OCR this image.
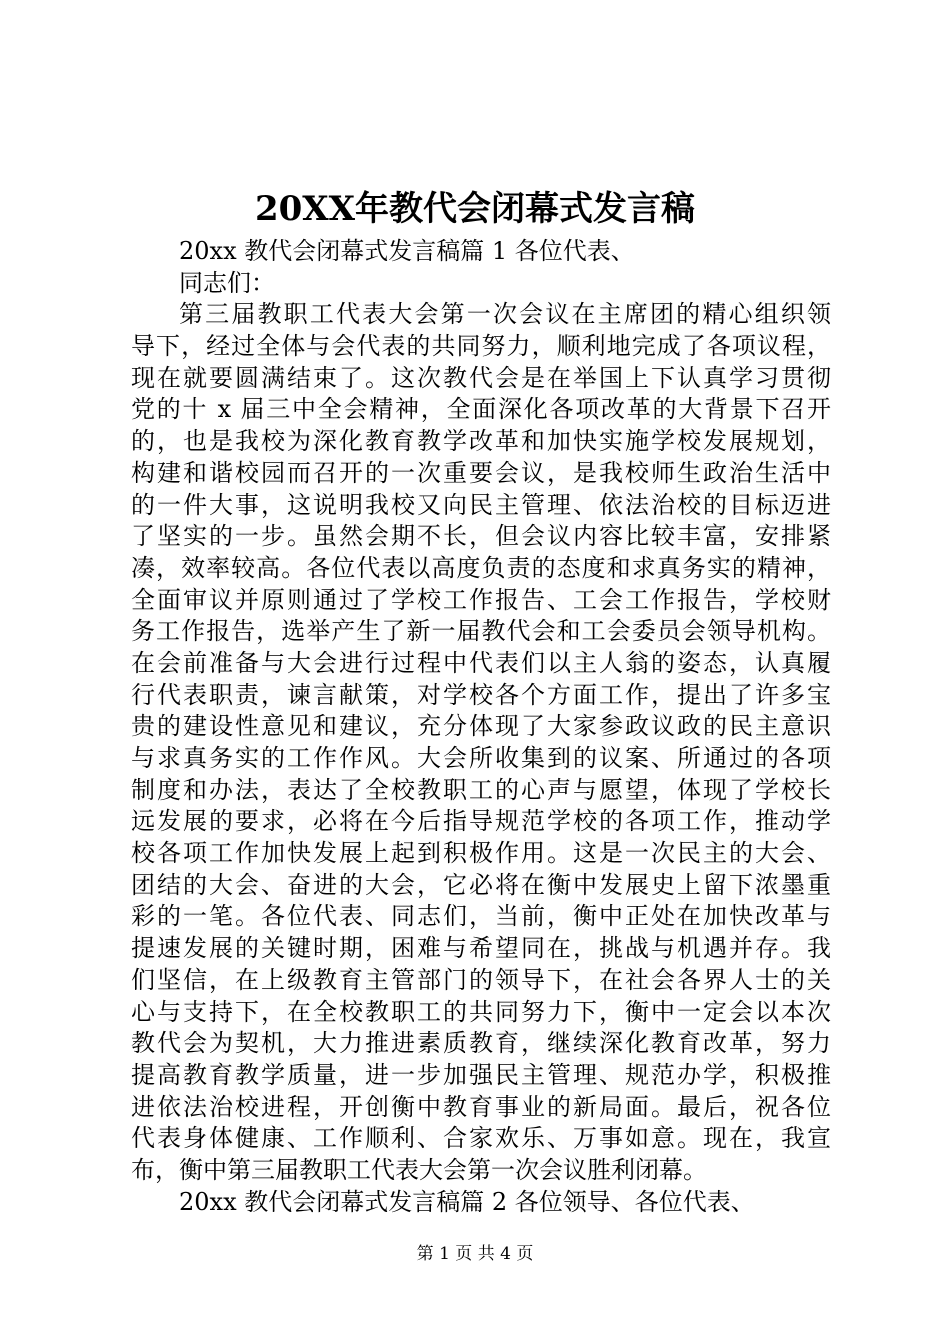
20XX年教代会闭幕式发言稿
20xx 教代会闭幕式发言稿篇 1 各位代表、
同志们：
第三届教职工代表大会第一次会议在主席团的精心组织领
导下，经过全体与会代表的共同努力，顺利地完成了各项议程，
现在就要圆满结束了。这次教代会是在举国上下认真学习贯彻
党的十 x 届三中全会精神，全面深化各项改革的大背景下召开
的，也是我校为深化教育教学改革和加快实施学校发展规划，
构建和谐校园而召开的一次重要会议，是我校师生政治生活中
的一件大事，这说明我校又向民主管理、依法治校的目标迈进
了坚实的一步。虽然会期不长，但会议内容比较丰富，安排紧
凑，效率较高。各位代表以高度负责的态度和求真务实的精神，
全面审议并原则通过了学校工作报告、工会工作报告，学校财
务工作报告，选举产生了新一届教代会和工会委员会领导机构。
在会前准备与大会进行过程中代表们以主人翁的姿态，认真履
行代表职责，谏言献策，对学校各个方面工作，提出了许多宝
贵的建设性意见和建议，充分体现了大家参政议政的民主意识
与求真务实的工作作风。大会所收集到的议案、所通过的各项
制度和办法，表达了全校教职工的心声与愿望，体现了学校长
远发展的要求，必将在今后指导规范学校的各项工作，推动学
校各项工作加快发展上起到积极作用。这是一次民主的大会、
团结的大会、奋进的大会，它必将在衡中发展史上留下浓墨重
彩的一笔。各位代表、同志们，当前，衡中正处在加快改革与
提速发展的关键时期，困难与希望同在，挑战与机遇并存。我
们坚信，在上级教育主管部门的领导下，在社会各界人士的关
心与支持下，在全校教职工的共同努力下，衡中一定会以本次
教代会为契机，大力推进素质教育，继续深化教育改革，努力
提高教育教学质量，进一步加强民主管理、规范办学，积极推
进依法治校进程，开创衡中教育事业的新局面。最后，祝各位
代表身体健康、工作顺利、合家欢乐、万事如意。现在，我宣
布，衡中第三届教职工代表大会第一次会议胜利闭幕。
20xx 教代会闭幕式发言稿篇 2 各位领导、各位代表、
第 1 页 共 4 页
